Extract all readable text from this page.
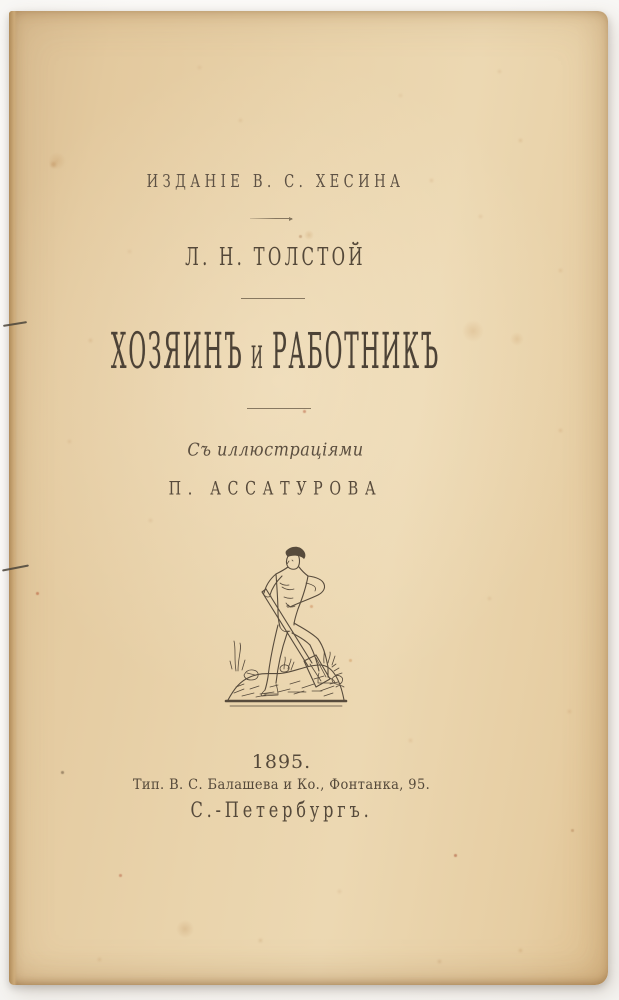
ИЗДАНІЕ В. С. ХЕСИНА
Л. Н. ТОЛСТОЙ
ХОЗЯИНЪ И РАБОТНИКЪ
Съ иллюстраціями
П. АССАТУРОВА
1895.
Тип. В. С. Балашева и Ко., Фонтанка, 95.
С.-Петербургъ.
